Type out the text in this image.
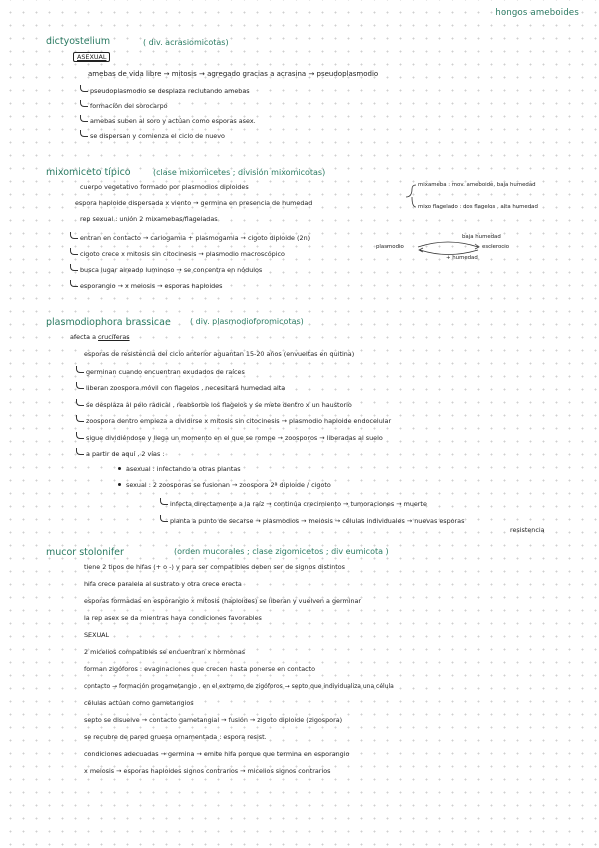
hongos ameboides
dictyostelium	( div. acrasiomicotas)
ASEXUAL
amebas de vida libre → mitosis → agregado gracias a acrasina → pseudoplasmodio
pseudoplasmodio se desplaza reclutando amebas
formación del sorocarpo
amebas suben al soro y actúan como esporas asex.
se dispersan y comienza el ciclo de nuevo
mixomiceto típico	(clase mixomicetes ; división mixomicotas)
cuerpo vegetativo formado por plasmodios diploides
espora haploide dispersada x viento → germina en presencia de humedad
rep sexual : unión 2 mixamebas/flageladas
entran en contacto → cariogamia + plasmogamia → cigoto diploide (2n)
cigoto crece x mitosis sin citocinesis → plasmodio macroscópico
busca lugar aireado luminoso → se concentra en nódulos
esporangio → x meiosis → esporas haploides
mixameba : mov. ameboide, baja humedad
mixo flagelado : dos flagelos , alta humedad
baja humedad
plasmodio	esclerocio
+ humedad
plasmodiophora brassicae ( div. plasmodioforomicotas)
afecta a crucíferas
esporas de resistencia del ciclo anterior aguantan 15-20 años (envueltas en quitina)
germinan cuando encuentran exudados de raíces
liberan zoospora móvil con flagelos , necesitará humedad alta
se desplaza al pelo radical , reabsorbe los flagelos y se mete dentro x un haustorio
zoospora dentro empieza a dividirse x mitosis sin citocinesis → plasmodio haploide endocelular
sigue dividiéndose y llega un momento en el que se rompe → zoosporos → liberadas al suelo
a partir de aquí , 2 vías :
asexual : infectando a otras plantas
sexual : 2 zoosporas se fusionan → zoospora 2ª diploide / cigoto
infecta directamente a la raíz → continúa crecimiento → tumoraciones → muerte
planta a punto de secarse → plasmodios → meiosis → células individuales → nuevas esporas
resistencia
mucor stolonifer	(orden mucorales ; clase zigomicetos ; div eumicota )
tiene 2 tipos de hifas (+ o -) y para ser compatibles deben ser de signos distintos
hifa crece paralela al sustrato y otra crece erecta
esporas formadas en esporangio x mitosis (haploides) se liberan y vuelven a germinar
la rep asex se da mientras haya condiciones favorables
SEXUAL
2 micelios compatibles se encuentran x hormonas
forman zigóforos : evaginaciones que crecen hasta ponerse en contacto
contacto → formación progametangio , en el extremo de zigóforos → septo que individualiza una célula
células actúan como gametangios
septo se disuelve → contacto gametangial → fusión → zigoto diploide (zigospora)
se recubre de pared gruesa ornamentada : espora resist.
condiciones adecuadas → germina → emite hifa porque que termina en esporangio
x meiosis → esporas haploides signos contrarios → micelios signos contrarios
